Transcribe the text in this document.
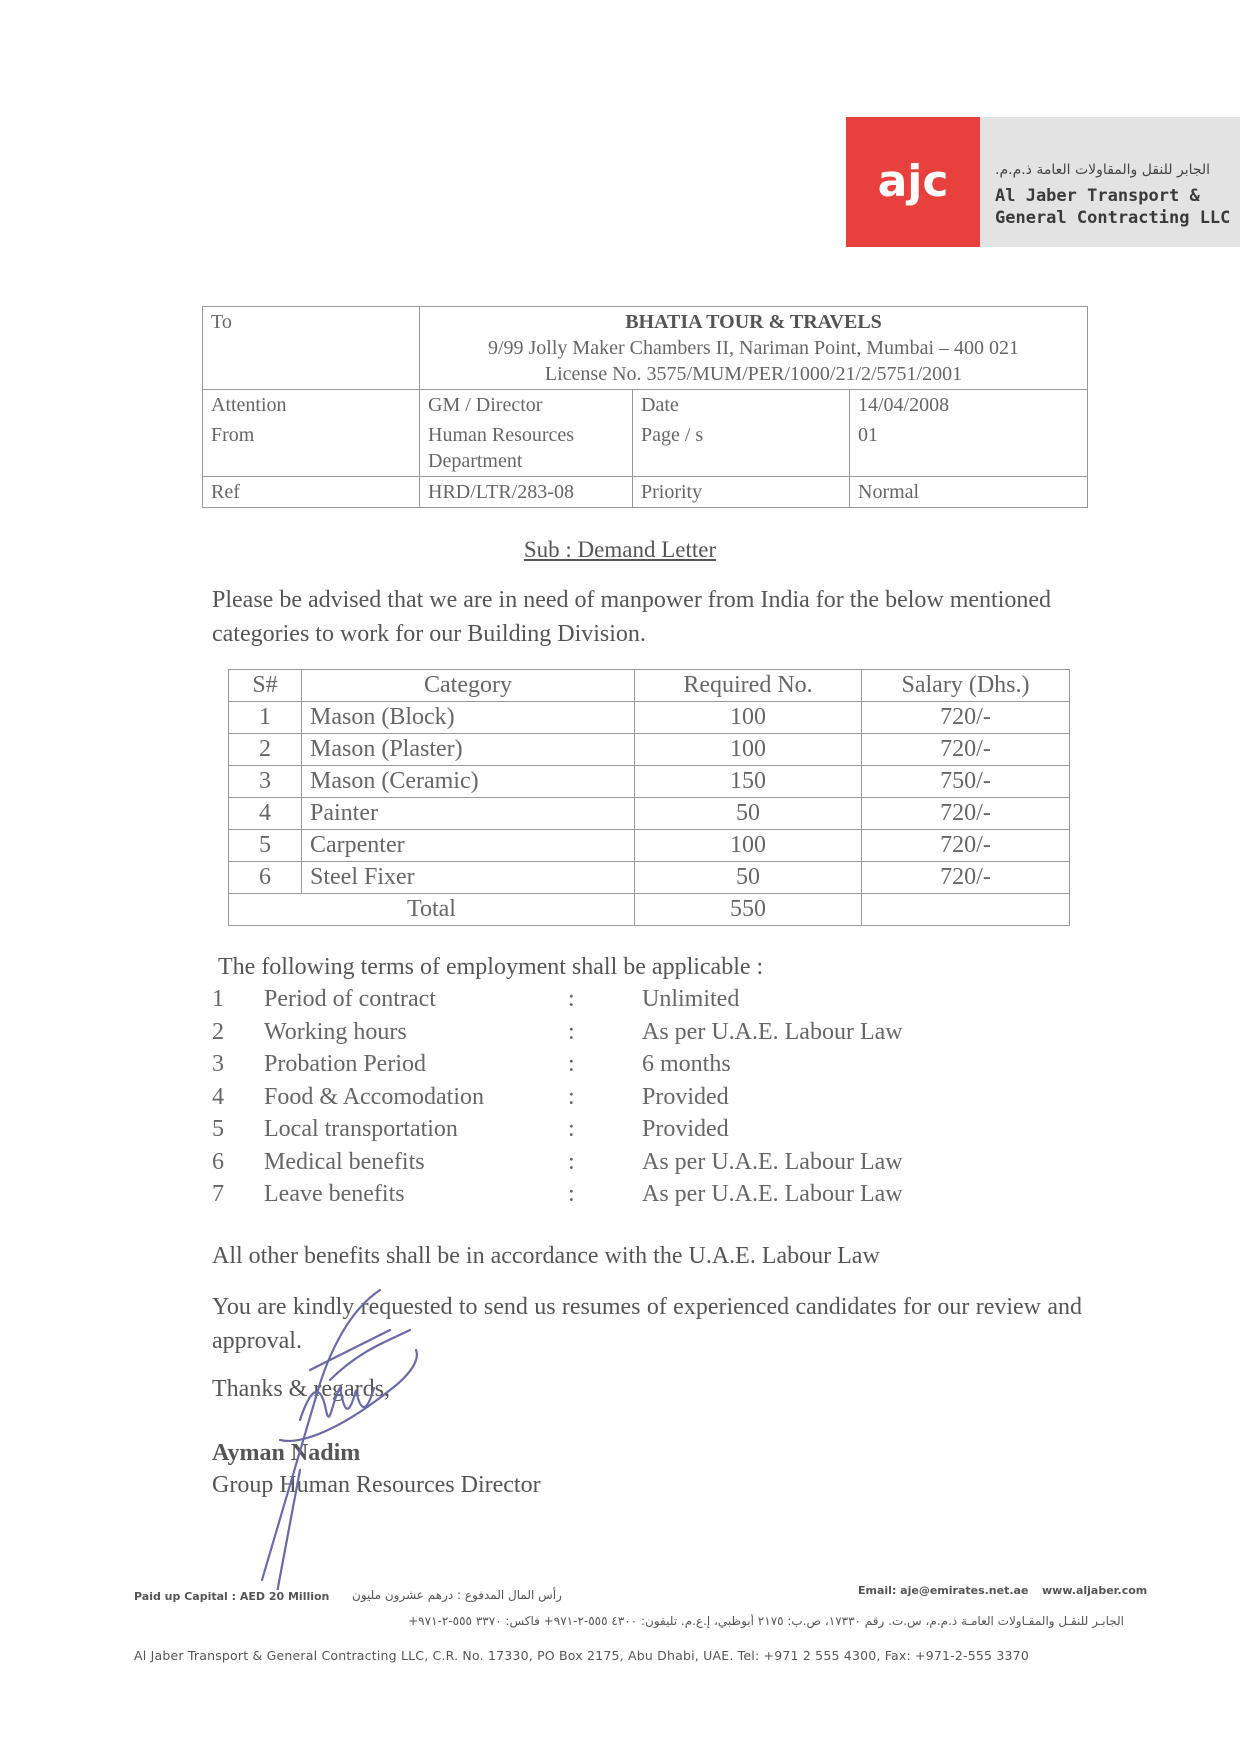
ajc	الجابر للنقل والمقاولات العامة ذ.م.م.
Al Jaber Transport &
General Contracting LLC
To	BHATIA TOUR & TRAVELS
9/99 Jolly Maker Chambers II, Nariman Point, Mumbai – 400 021
License No. 3575/MUM/PER/1000/21/2/5751/2001		

Attention	GM / Director	Date	14/04/2008
From	Human Resources Department	Page / s	01
Ref	HRD/LTR/283-08	Priority	Normal
Sub : Demand Letter
Please be advised that we are in need of manpower from India for the below mentioned categories to work for our Building Division.
S#	Category	Required No.	Salary (Dhs.)
1	Mason (Block)	100	720/-
2	Mason (Plaster)	100	720/-
3	Mason (Ceramic)	150	750/-
4	Painter	50	720/-
5	Carpenter	100	720/-
6	Steel Fixer	50	720/-
Total		550	
The following terms of employment shall be applicable :
1 Period of contract	:	Unlimited
2 Working hours	:	As per U.A.E. Labour Law
3 Probation Period	:	6 months
4 Food & Accomodation	:	Provided
5 Local transportation	:	Provided
6 Medical benefits	:	As per U.A.E. Labour Law
7 Leave benefits	:	As per U.A.E. Labour Law
All other benefits shall be in accordance with the U.A.E. Labour Law
You are kindly requested to send us resumes of experienced candidates for our review and approval.
Thanks & regards,
Ayman Nadim
Group Human Resources Director
Paid up Capital : AED 20 Million رأس المال المدفوع : درهم عشرون مليون	Email: aje@emirates.net.ae www.aljaber.com
الجابـر للنقـل والمقـاولات العامـة ذ.م.م، س.ت. رقم ١٧٣٣٠، ص.ب: ٢١٧٥ أبوظبي، إ.ع.م. تليفون: ٤٣٠٠ ٥٥٥-٢-٩٧١+ فاكس: ٣٣٧٠ ٥٥٥-٢-٩٧١+
Al Jaber Transport & General Contracting LLC, C.R. No. 17330, PO Box 2175, Abu Dhabi, UAE. Tel: +971 2 555 4300, Fax: +971-2-555 3370
